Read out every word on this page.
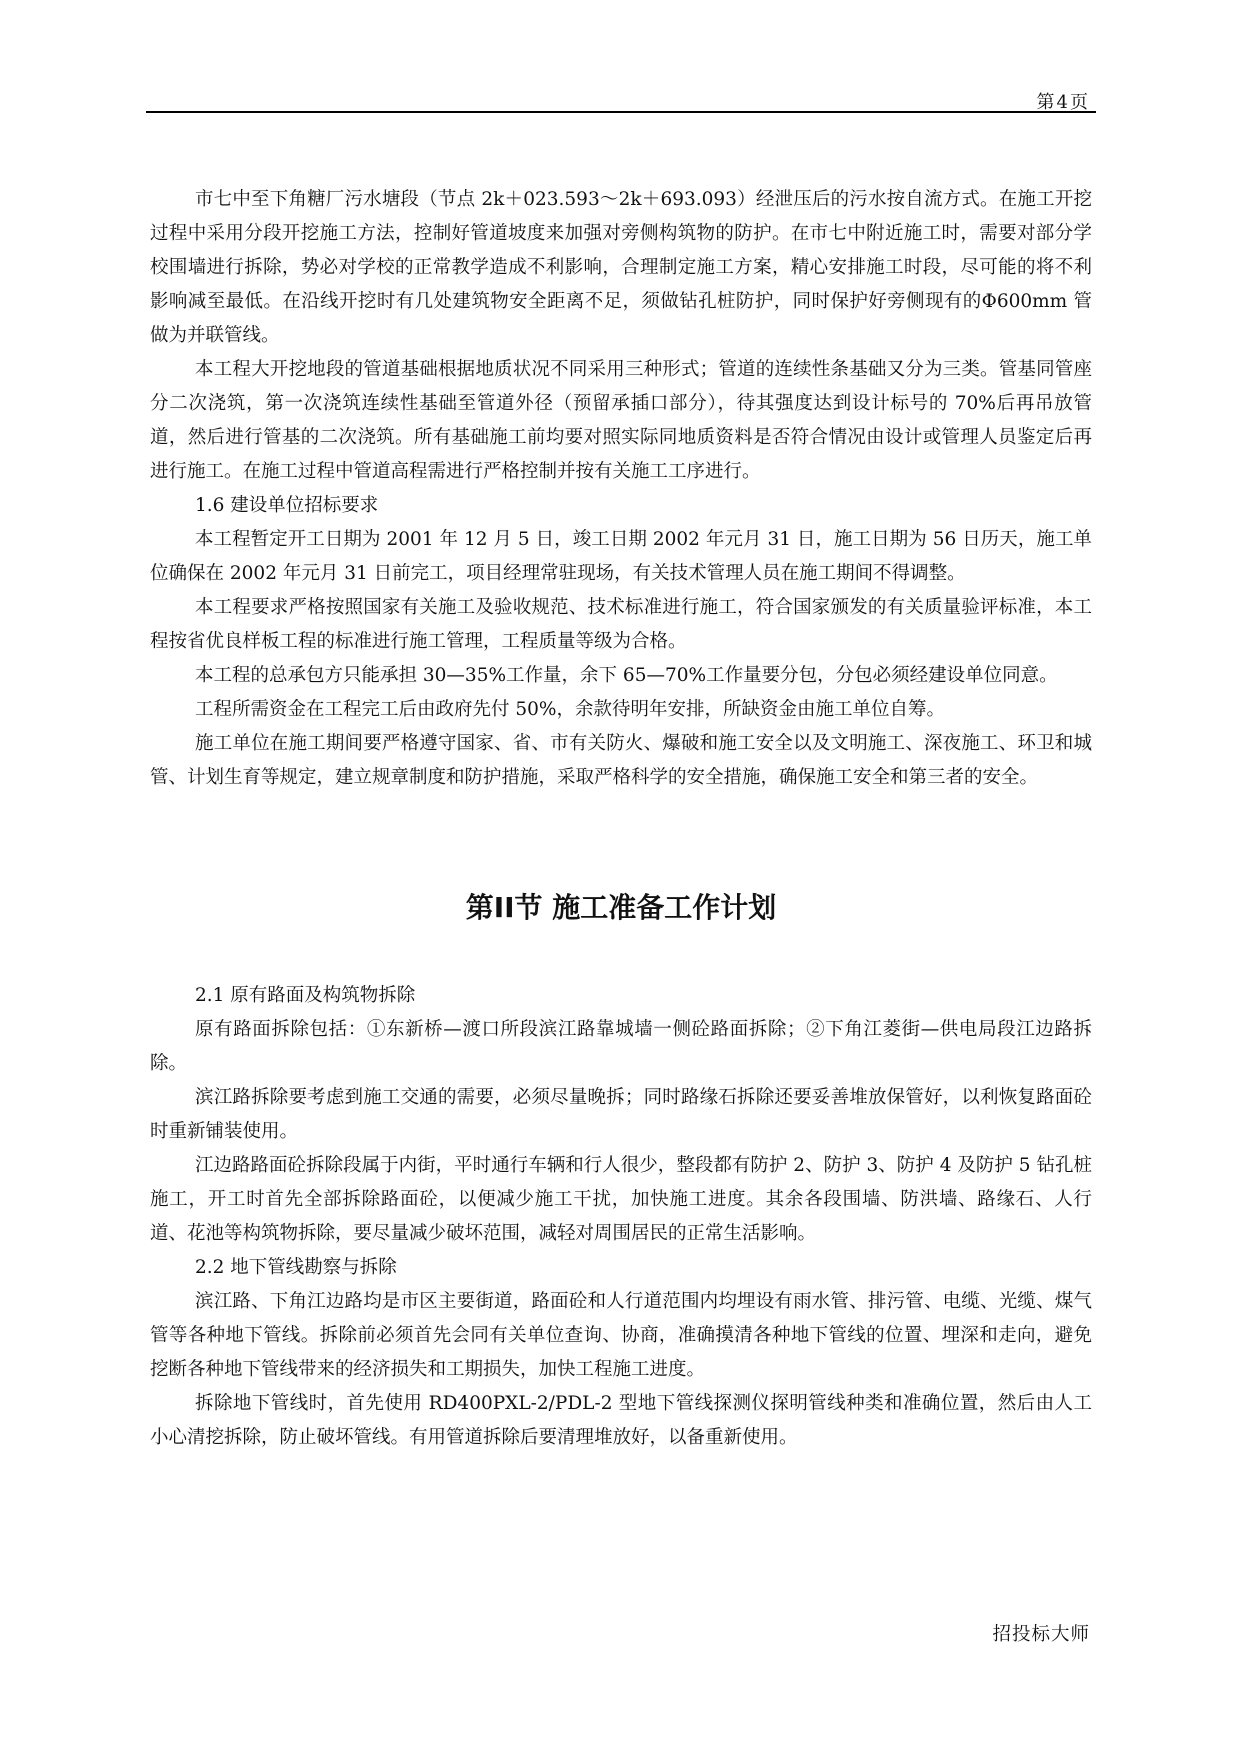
第4页

市七中至下角糖厂污水塘段（节点 2k＋023.593～2k＋693.093）经泄压后的污水按自流方式。在施工开挖过程中采用分段开挖施工方法，控制好管道坡度来加强对旁侧构筑物的防护。在市七中附近施工时，需要对部分学校围墙进行拆除，势必对学校的正常教学造成不利影响，合理制定施工方案，精心安排施工时段，尽可能的将不利影响减至最低。在沿线开挖时有几处建筑物安全距离不足，须做钻孔桩防护，同时保护好旁侧现有的Φ600mm 管做为并联管线。

本工程大开挖地段的管道基础根据地质状况不同采用三种形式；管道的连续性条基础又分为三类。管基同管座分二次浇筑，第一次浇筑连续性基础至管道外径（预留承插口部分），待其强度达到设计标号的 70%后再吊放管道，然后进行管基的二次浇筑。所有基础施工前均要对照实际同地质资料是否符合情况由设计或管理人员鉴定后再进行施工。在施工过程中管道高程需进行严格控制并按有关施工工序进行。

1.6 建设单位招标要求

本工程暂定开工日期为 2001 年 12 月 5 日，竣工日期 2002 年元月 31 日，施工日期为 56 日历天，施工单位确保在 2002 年元月 31 日前完工，项目经理常驻现场，有关技术管理人员在施工期间不得调整。

本工程要求严格按照国家有关施工及验收规范、技术标准进行施工，符合国家颁发的有关质量验评标准，本工程按省优良样板工程的标准进行施工管理，工程质量等级为合格。

本工程的总承包方只能承担 30—35%工作量，余下 65—70%工作量要分包，分包必须经建设单位同意。

工程所需资金在工程完工后由政府先付 50%，余款待明年安排，所缺资金由施工单位自筹。

施工单位在施工期间要严格遵守国家、省、市有关防火、爆破和施工安全以及文明施工、深夜施工、环卫和城管、计划生育等规定，建立规章制度和防护措施，采取严格科学的安全措施，确保施工安全和第三者的安全。

第II节 施工准备工作计划

2.1 原有路面及构筑物拆除

原有路面拆除包括：①东新桥—渡口所段滨江路靠城墙一侧砼路面拆除；②下角江菱街—供电局段江边路拆除。

滨江路拆除要考虑到施工交通的需要，必须尽量晚拆；同时路缘石拆除还要妥善堆放保管好，以利恢复路面砼时重新铺装使用。

江边路路面砼拆除段属于内街，平时通行车辆和行人很少，整段都有防护 2、防护 3、防护 4 及防护 5 钻孔桩施工，开工时首先全部拆除路面砼，以便减少施工干扰，加快施工进度。其余各段围墙、防洪墙、路缘石、人行道、花池等构筑物拆除，要尽量减少破坏范围，减轻对周围居民的正常生活影响。

2.2 地下管线勘察与拆除

滨江路、下角江边路均是市区主要街道，路面砼和人行道范围内均埋设有雨水管、排污管、电缆、光缆、煤气管等各种地下管线。拆除前必须首先会同有关单位查询、协商，准确摸清各种地下管线的位置、埋深和走向，避免挖断各种地下管线带来的经济损失和工期损失，加快工程施工进度。

拆除地下管线时，首先使用 RD400PXL-2/PDL-2 型地下管线探测仪探明管线种类和准确位置，然后由人工小心清挖拆除，防止破坏管线。有用管道拆除后要清理堆放好，以备重新使用。

招投标大师
